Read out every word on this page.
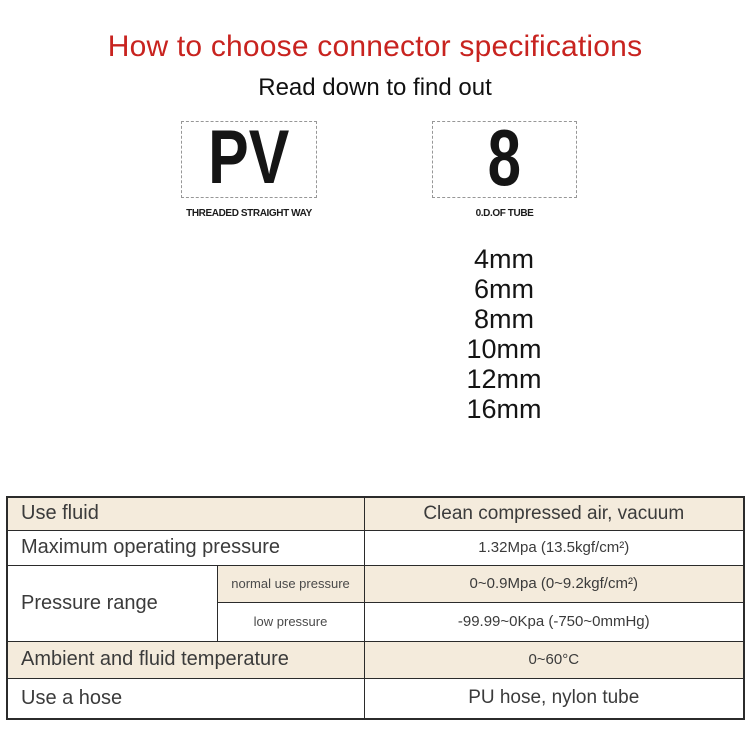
How to choose connector specifications
Read down to find out
PV 8
THREADED STRAIGHT WAY	0.D.OF TUBE
4mm
6mm
8mm
10mm
12mm
16mm
Use fluid		Clean compressed air, vacuum
Maximum operating pressure		1.32Mpa (13.5kgf/cm²)
Pressure range	normal use pressure	0~0.9Mpa (0~9.2kgf/cm²)
	low pressure	-99.99~0Kpa (-750~0mmHg)
Ambient and fluid temperature		0~60°C
Use a hose		PU hose, nylon tube
